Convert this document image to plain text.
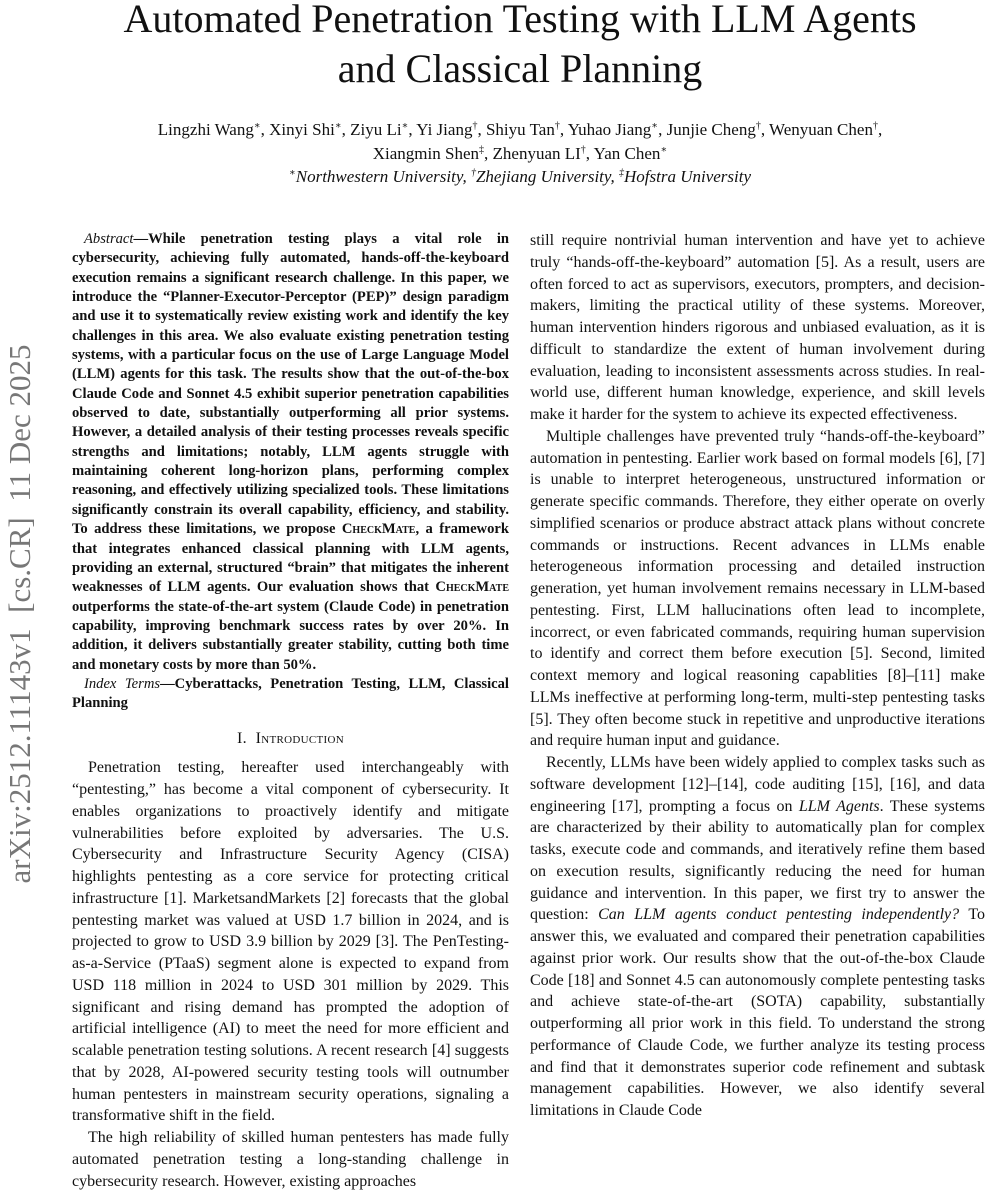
Automated Penetration Testing with LLM Agents
and Classical Planning
Lingzhi Wang∗, Xinyi Shi∗, Ziyu Li∗, Yi Jiang†, Shiyu Tan†, Yuhao Jiang∗, Junjie Cheng†, Wenyuan Chen†,
Xiangmin Shen‡, Zhenyuan LI†, Yan Chen∗
∗Northwestern University, †Zhejiang University, ‡Hofstra University
arXiv:2512.11143v1  [cs.CR]  11 Dec 2025

Abstract—While penetration testing plays a vital role in cybersecurity, achieving fully automated, hands-off-the-keyboard execution remains a significant research challenge. In this paper, we introduce the “Planner-Executor-Perceptor (PEP)” design paradigm and use it to systematically review existing work and identify the key challenges in this area. We also evaluate existing penetration testing systems, with a particular focus on the use of Large Language Model (LLM) agents for this task. The results show that the out-of-the-box Claude Code and Sonnet 4.5 exhibit superior penetration capabilities observed to date, substantially outperforming all prior systems. However, a detailed analysis of their testing processes reveals specific strengths and limitations; notably, LLM agents struggle with maintaining coherent long-horizon plans, performing complex reasoning, and effectively utilizing specialized tools. These limitations significantly constrain its overall capability, efficiency, and stability. To address these limitations, we propose CheckMate, a framework that integrates enhanced classical planning with LLM agents, providing an external, structured “brain” that mitigates the inherent weaknesses of LLM agents. Our evaluation shows that CheckMate outperforms the state-of-the-art system (Claude Code) in penetration capability, improving benchmark success rates by over 20%. In addition, it delivers substantially greater stability, cutting both time and monetary costs by more than 50%.

Index Terms—Cyberattacks, Penetration Testing, LLM, Classical Planning

I. Introduction

Penetration testing, hereafter used interchangeably with “pentesting,” has become a vital component of cybersecurity. It enables organizations to proactively identify and mitigate vulnerabilities before exploited by adversaries. The U.S. Cybersecurity and Infrastructure Security Agency (CISA) highlights pentesting as a core service for protecting critical infrastructure [1]. MarketsandMarkets [2] forecasts that the global pentesting market was valued at USD 1.7 billion in 2024, and is projected to grow to USD 3.9 billion by 2029 [3]. The PenTesting-as-a-Service (PTaaS) segment alone is expected to expand from USD 118 million in 2024 to USD 301 million by 2029. This significant and rising demand has prompted the adoption of artificial intelligence (AI) to meet the need for more efficient and scalable penetration testing solutions. A recent research [4] suggests that by 2028, AI-powered security testing tools will outnumber human pentesters in mainstream security operations, signaling a transformative shift in the field.

The high reliability of skilled human pentesters has made fully automated penetration testing a long-standing challenge in cybersecurity research. However, existing approaches

still require nontrivial human intervention and have yet to achieve truly “hands-off-the-keyboard” automation [5]. As a result, users are often forced to act as supervisors, executors, prompters, and decision-makers, limiting the practical utility of these systems. Moreover, human intervention hinders rigorous and unbiased evaluation, as it is difficult to standardize the extent of human involvement during evaluation, leading to inconsistent assessments across studies. In real-world use, different human knowledge, experience, and skill levels make it harder for the system to achieve its expected effectiveness.

Multiple challenges have prevented truly “hands-off-the-keyboard” automation in pentesting. Earlier work based on formal models [6], [7] is unable to interpret heterogeneous, unstructured information or generate specific commands. Therefore, they either operate on overly simplified scenarios or produce abstract attack plans without concrete commands or instructions. Recent advances in LLMs enable heterogeneous information processing and detailed instruction generation, yet human involvement remains necessary in LLM-based pentesting. First, LLM hallucinations often lead to incomplete, incorrect, or even fabricated commands, requiring human supervision to identify and correct them before execution [5]. Second, limited context memory and logical reasoning capablities [8]–[11] make LLMs ineffective at performing long-term, multi-step pentesting tasks [5]. They often become stuck in repetitive and unproductive iterations and require human input and guidance.

Recently, LLMs have been widely applied to complex tasks such as software development [12]–[14], code auditing [15], [16], and data engineering [17], prompting a focus on LLM Agents. These systems are characterized by their ability to automatically plan for complex tasks, execute code and commands, and iteratively refine them based on execution results, significantly reducing the need for human guidance and intervention. In this paper, we first try to answer the question: Can LLM agents conduct pentesting independently? To answer this, we evaluated and compared their penetration capabilities against prior work. Our results show that the out-of-the-box Claude Code [18] and Sonnet 4.5 can autonomously complete pentesting tasks and achieve state-of-the-art (SOTA) capability, substantially outperforming all prior work in this field. To understand the strong performance of Claude Code, we further analyze its testing process and find that it demonstrates superior code refinement and subtask management capabilities. However, we also identify several limitations in Claude Code
